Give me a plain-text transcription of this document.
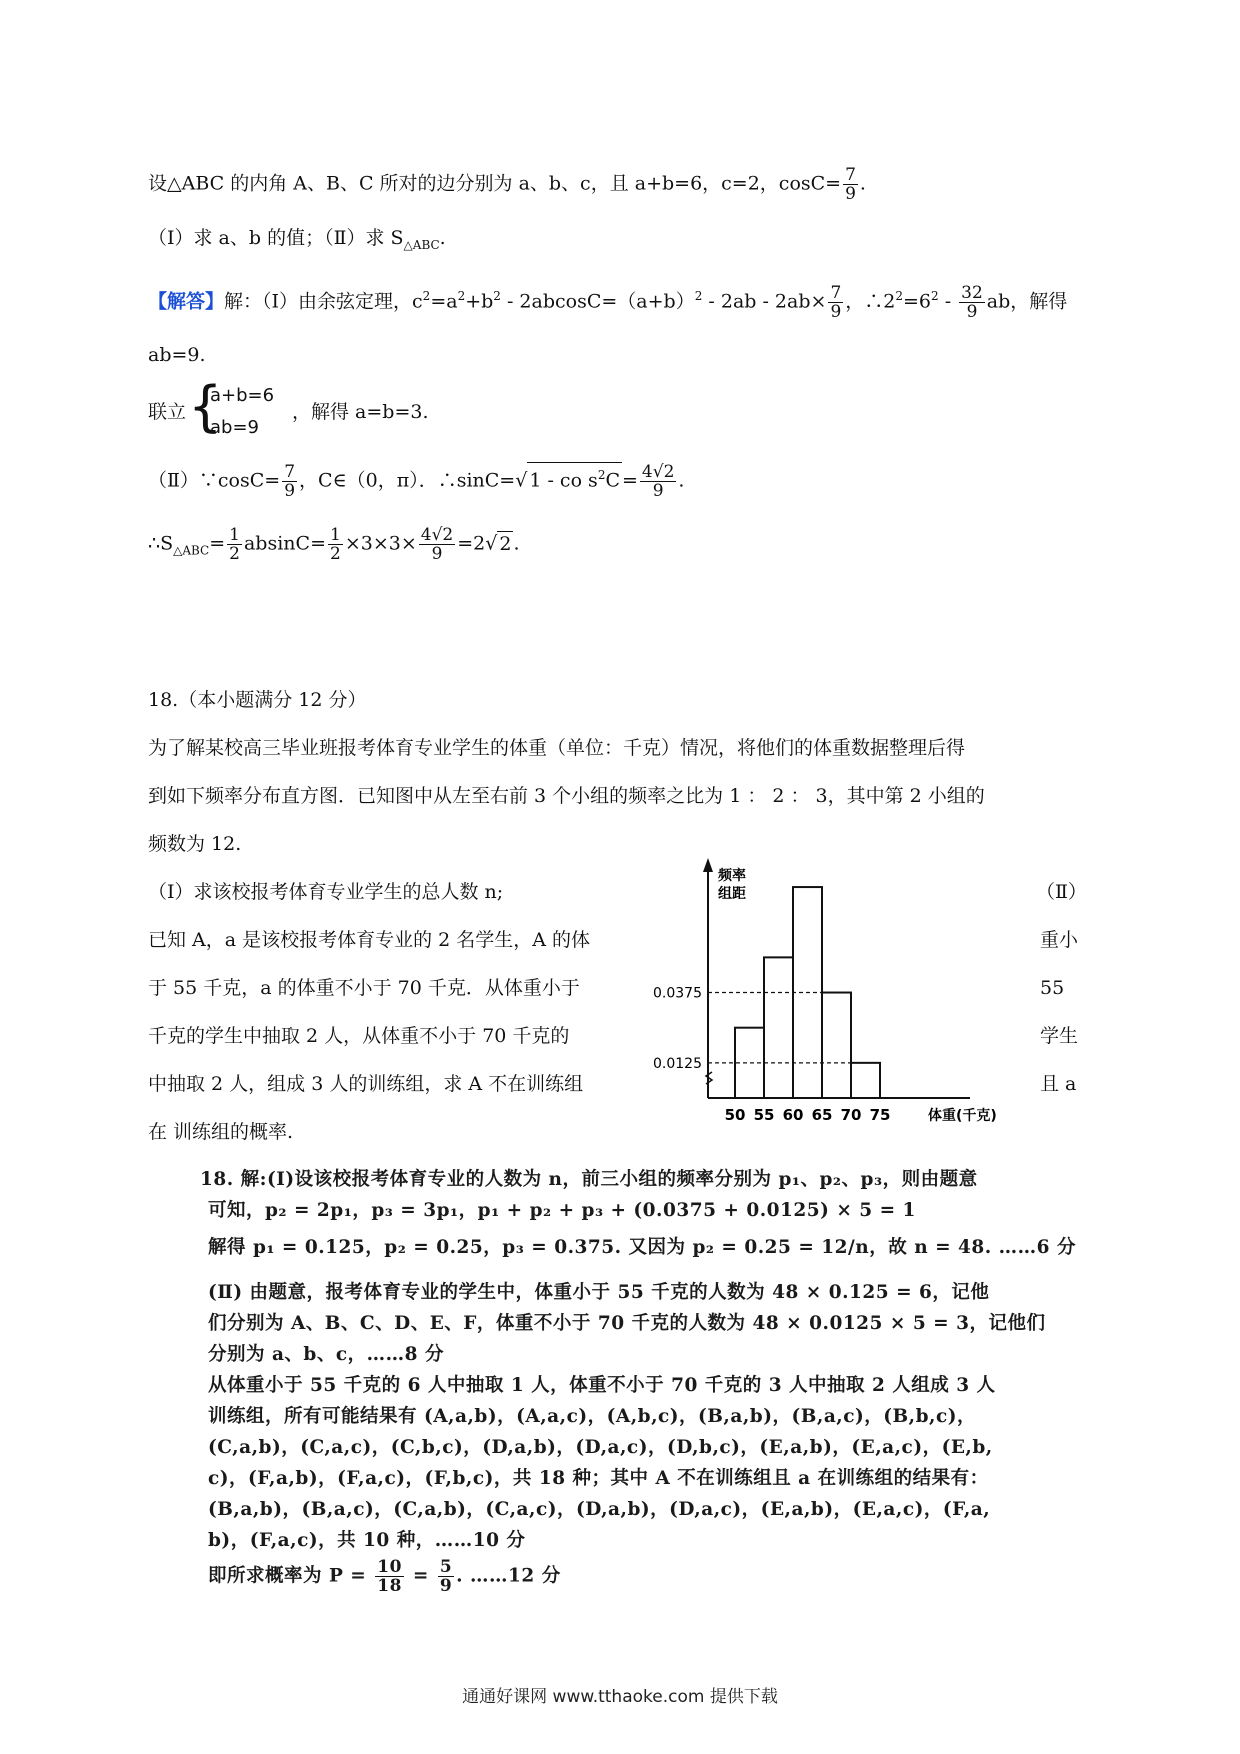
设△ABC 的内角 A、B、C 所对的边分别为 a、b、c，且 a+b=6，c=2，$\cos C= \frac{7}{9}$ .
（Ⅰ）求 a、b 的值；（Ⅱ）求 $S_{\triangle ABC}$.
【解答】解：（I）由余弦定理，$c^2=a^2+b^2 - 2abcosC=(a+b)^2 - 2ab - 2ab\times \frac{7}{9}$ ，$\therefore 2^2=6^2 - \frac{32}{9}$ ab，解得
ab=9.
联立 {
a+b=6
ab=9
，解得 a=b=3.
（Ⅱ）∵cosC= $\frac{7}{9}$ ，C∈（0，π）．∴sinC=√ 1 - co $s^2C = \frac{4√2}{9}$ .
$\therefore S_{\triangle ABC}= \frac{1}{2} absinC= \frac{1}{2} \times 3\times 3\times \frac{4√2}{9} =2√$ 2 .
18.（本小题满分 12 分）
为了解某校高三毕业班报考体育专业学生的体重（单位：千克）情况，将他们的体重数据整理后得
到如下频率分布直方图．已知图中从左至右前 3 个小组的频率之比为 1 ： 2 ： 3，其中第 2 小组的
频数为 12.
（I）求该校报考体育专业学生的总人数 n;	（Ⅱ）
已知 A，a 是该校报考体育专业的 2 名学生，A 的体	重小
于 55 千克，a 的体重不小于 70 千克．从体重小于	55
千克的学生中抽取 2 人，从体重不小于 70 千克的	学生
中抽取 2 人，组成 3 人的训练组，求 A 不在训练组	且 a
在 训练组的概率.
频率
组距
0.0375
0.0125
50 55 60 65 70 75	体重(千克)
18. 解:(Ⅰ)设该校报考体育专业的人数为 n，前三小组的频率分别为 p₁、p₂、p₃，则由题意
可知，p₂ = 2p₁，p₃ = 3p₁，p₁ + p₂ + p₃ + (0.0375 + 0.0125) × 5 = 1
解得 p₁ = 0.125，p₂ = 0.25，p₃ = 0.375. 又因为 p₂ = 0.25 = 12/n，故 n = 48. ……6 分
(Ⅱ) 由题意，报考体育专业的学生中，体重小于 55 千克的人数为 48 × 0.125 = 6，记他
们分别为 A、B、C、D、E、F，体重不小于 70 千克的人数为 48 × 0.0125 × 5 = 3，记他们
分别为 a、b、c，……8 分
从体重小于 55 千克的 6 人中抽取 1 人，体重不小于 70 千克的 3 人中抽取 2 人组成 3 人
训练组，所有可能结果有 (A,a,b)，(A,a,c)，(A,b,c)，(B,a,b)，(B,a,c)，(B,b,c)，
(C,a,b)，(C,a,c)，(C,b,c)，(D,a,b)，(D,a,c)，(D,b,c)，(E,a,b)，(E,a,c)，(E,b,
c)，(F,a,b)，(F,a,c)，(F,b,c)，共 18 种；其中 A 不在训练组且 a 在训练组的结果有：
(B,a,b)，(B,a,c)，(C,a,b)，(C,a,c)，(D,a,b)，(D,a,c)，(E,a,b)，(E,a,c)，(F,a,
b)，(F,a,c)，共 10 种，……10 分
即所求概率为 $P = \frac{10}{18} = \frac{5}{9}$ . ……12 分
通通好课网 www.tthaoke.com 提供下载
